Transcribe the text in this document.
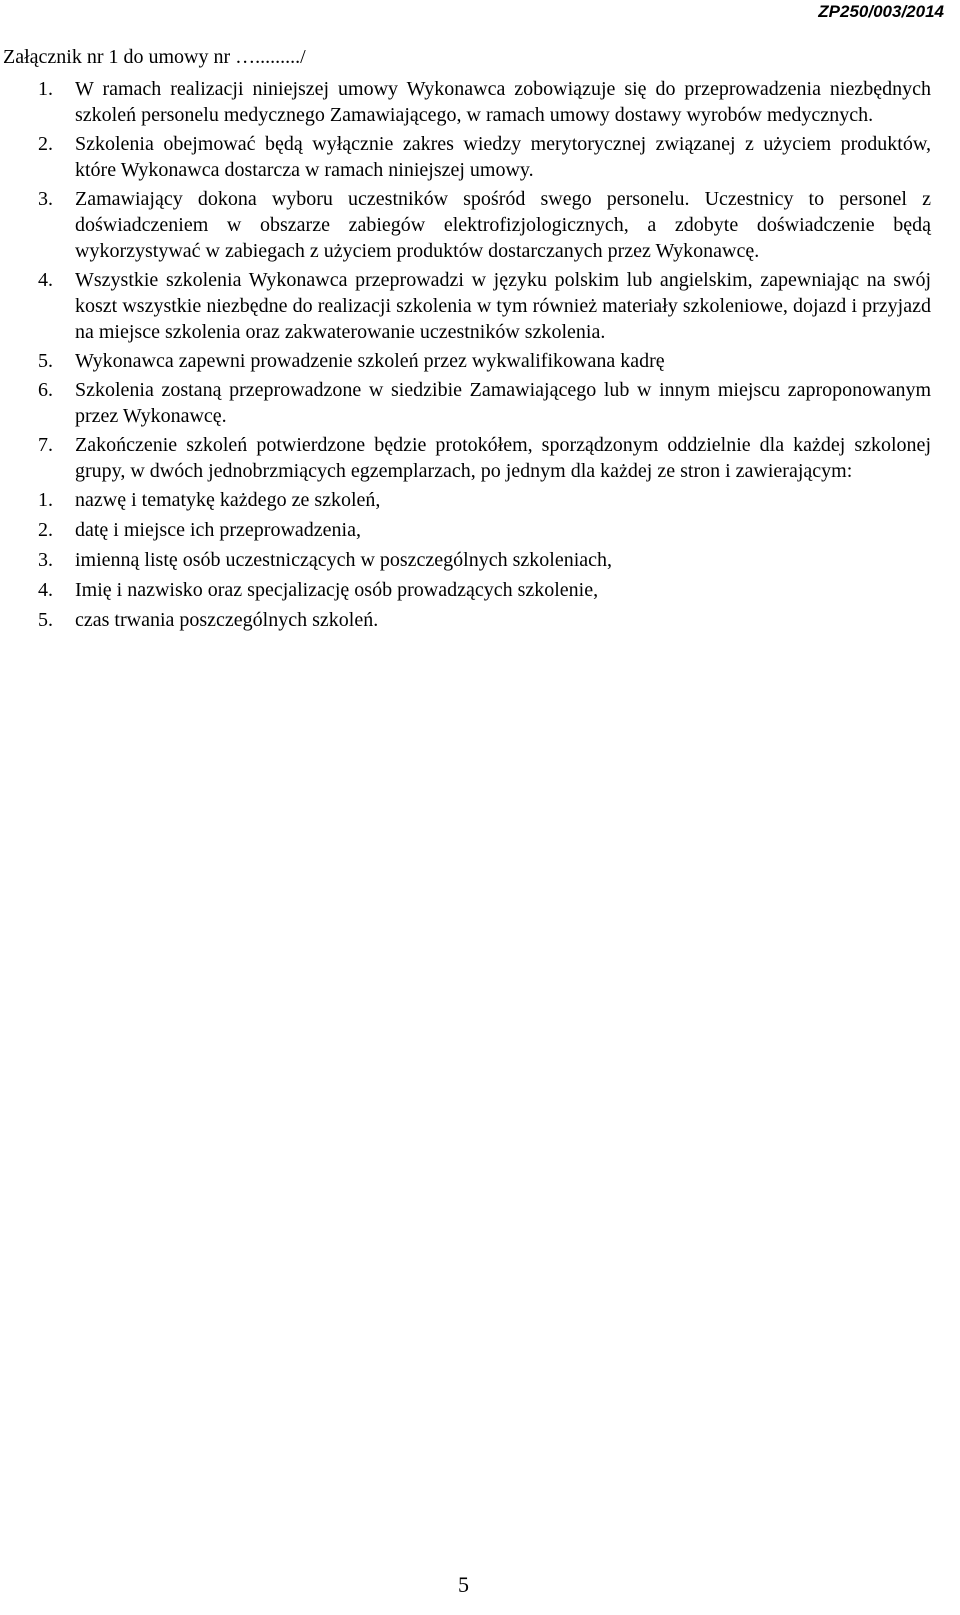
ZP250/003/2014
Załącznik nr 1 do umowy nr …........./
1. W ramach realizacji niniejszej umowy Wykonawca zobowiązuje się do przeprowadzenia niezbędnych szkoleń personelu medycznego Zamawiającego, w ramach umowy dostawy wyrobów medycznych.
2. Szkolenia obejmować będą wyłącznie zakres wiedzy merytorycznej związanej z użyciem produktów, które Wykonawca dostarcza w ramach niniejszej umowy.
3. Zamawiający dokona wyboru uczestników spośród swego personelu. Uczestnicy to personel z doświadczeniem w obszarze zabiegów elektrofizjologicznych, a zdobyte doświadczenie będą wykorzystywać w zabiegach z użyciem produktów dostarczanych przez Wykonawcę.
4. Wszystkie szkolenia Wykonawca przeprowadzi w języku polskim lub angielskim, zapewniając na swój koszt wszystkie niezbędne do realizacji szkolenia w tym również materiały szkoleniowe, dojazd i przyjazd na miejsce szkolenia oraz zakwaterowanie uczestników szkolenia.
5. Wykonawca zapewni prowadzenie szkoleń przez wykwalifikowana kadrę
6. Szkolenia zostaną przeprowadzone w siedzibie Zamawiającego lub w innym miejscu zaproponowanym przez Wykonawcę.
7. Zakończenie szkoleń potwierdzone będzie protokółem, sporządzonym oddzielnie dla każdej szkolonej grupy, w dwóch jednobrzmiących egzemplarzach, po jednym dla każdej ze stron i zawierającym:
1. nazwę i tematykę każdego ze szkoleń,
2. datę i miejsce ich przeprowadzenia,
3. imienną listę osób uczestniczących w poszczególnych szkoleniach,
4. Imię i nazwisko oraz specjalizację osób prowadzących szkolenie,
5. czas trwania poszczególnych szkoleń.
5
